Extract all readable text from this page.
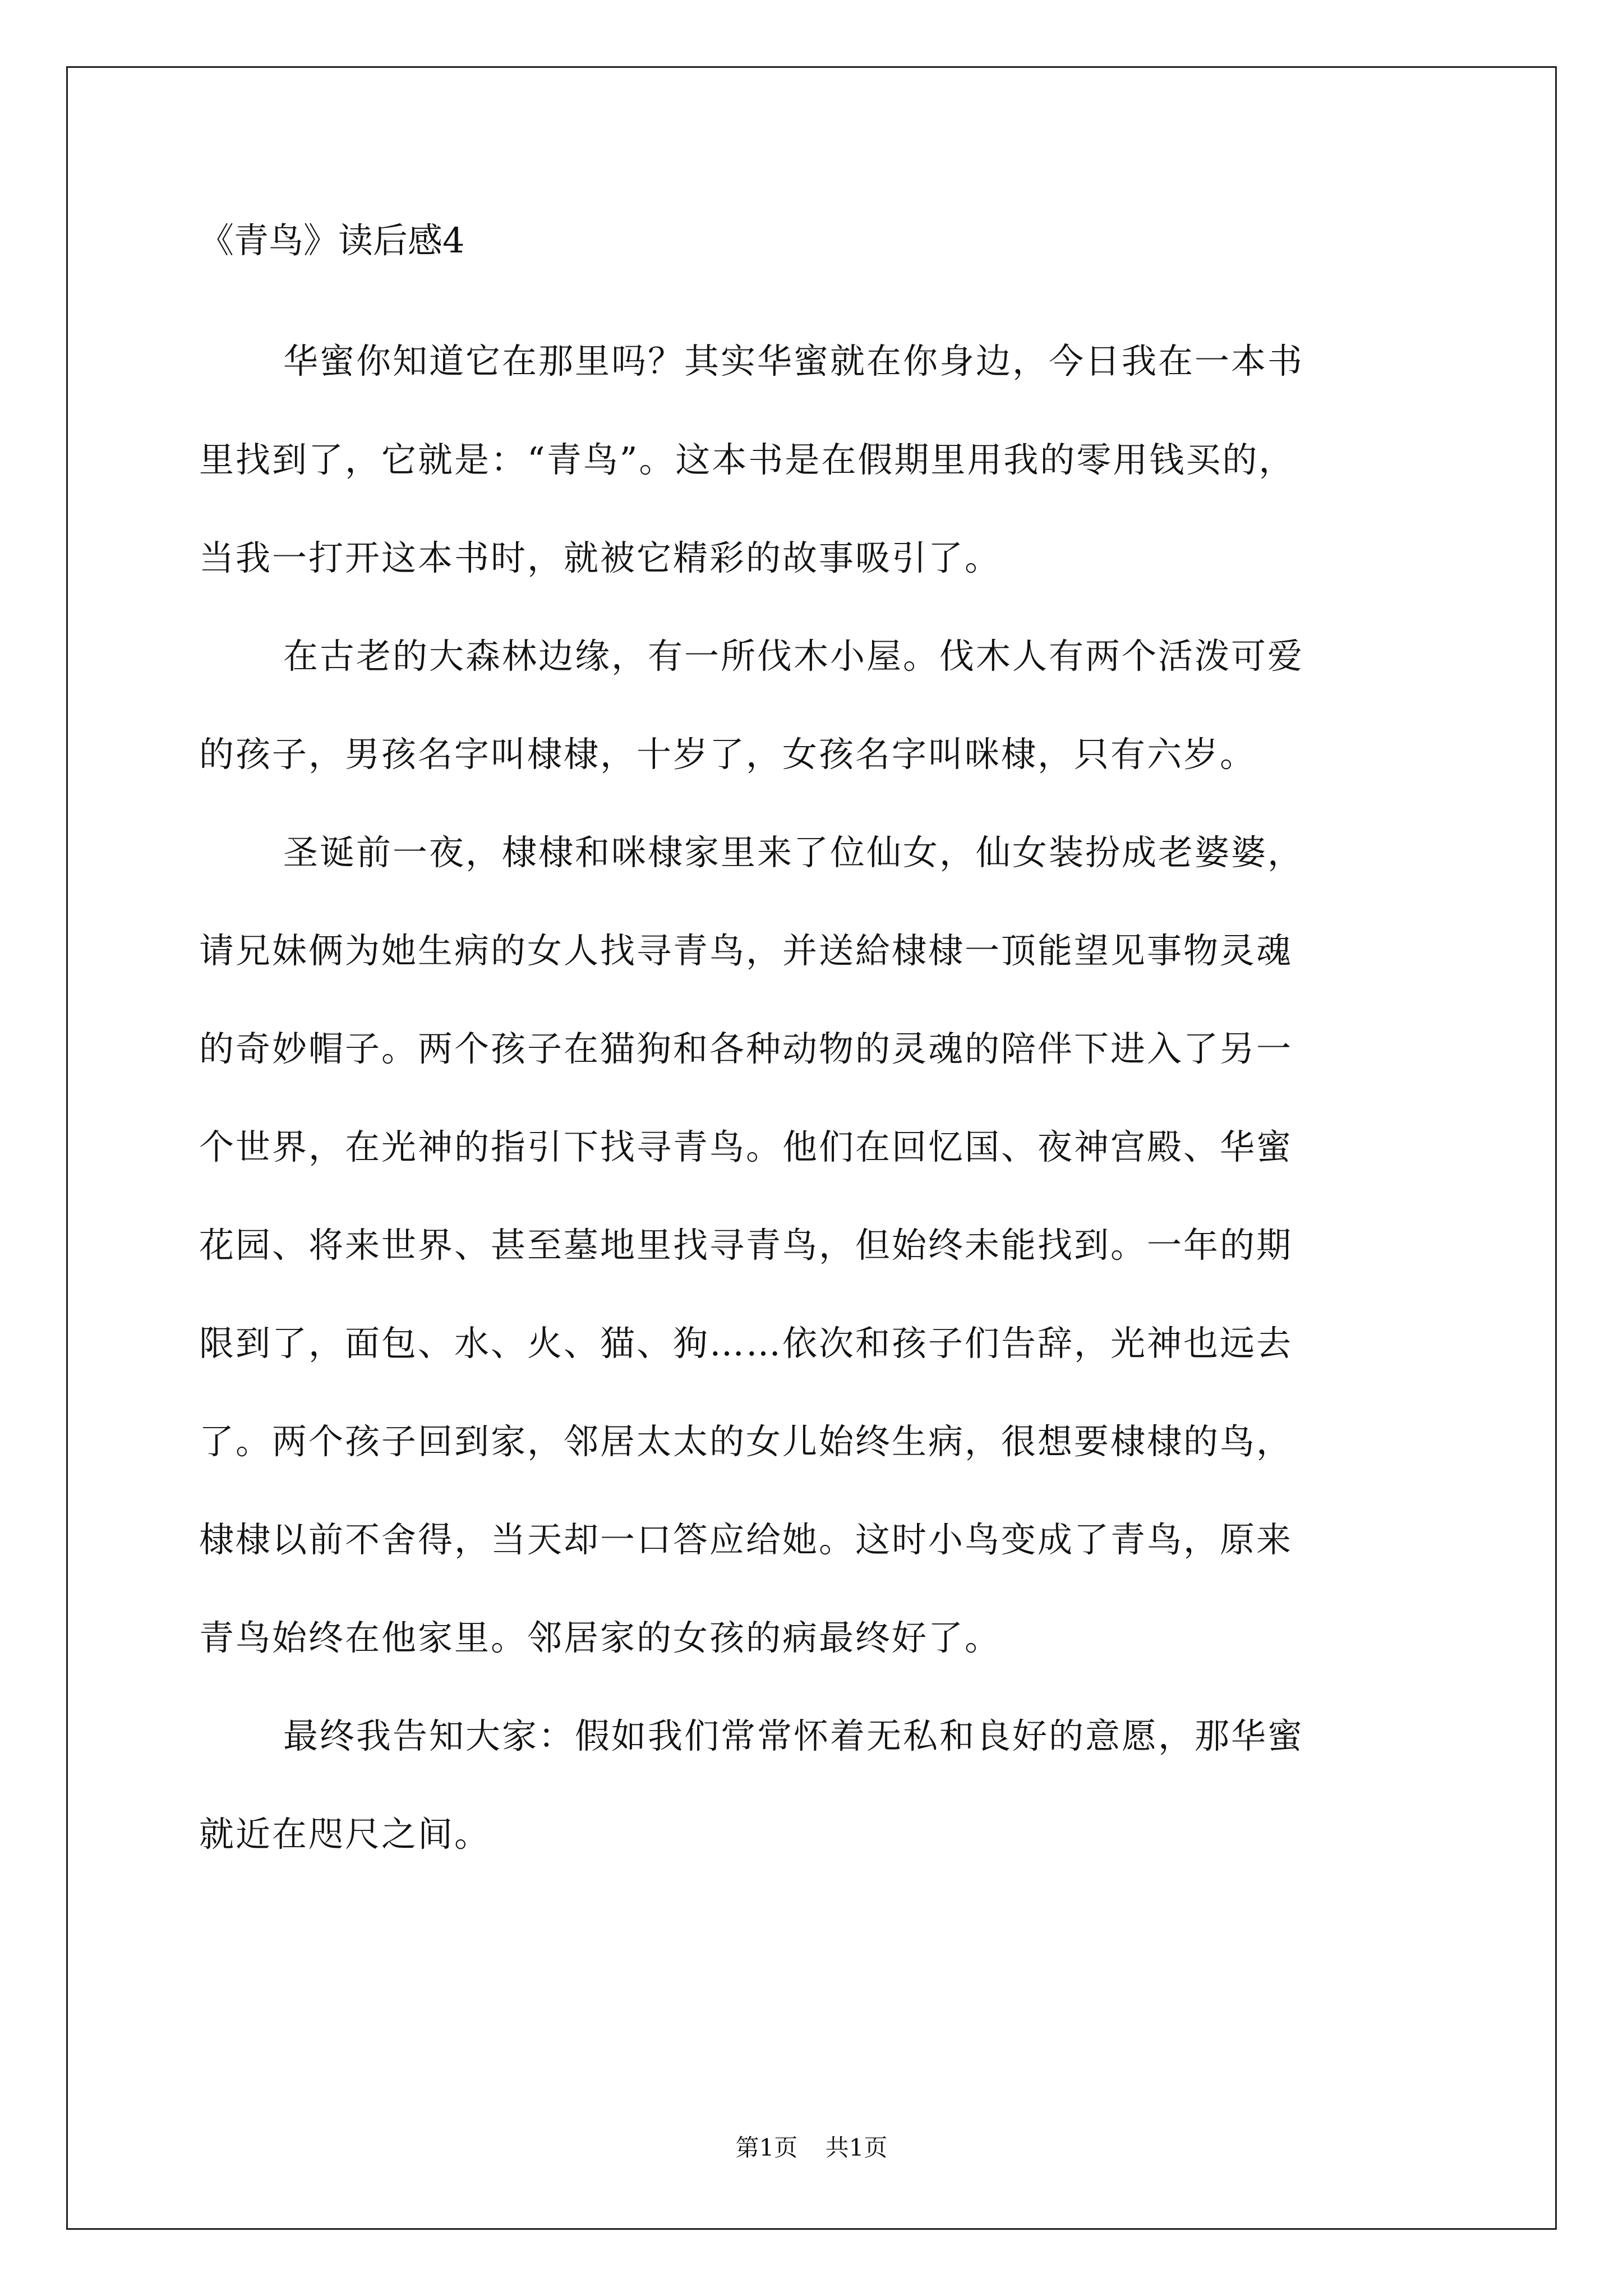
《青鸟》读后感4
华蜜你知道它在那里吗？其实华蜜就在你身边，今日我在一本书
里找到了，它就是：“青鸟”。这本书是在假期里用我的零用钱买的，
当我一打开这本书时，就被它精彩的故事吸引了。
在古老的大森林边缘，有一所伐木小屋。伐木人有两个活泼可爱
的孩子，男孩名字叫棣棣，十岁了，女孩名字叫咪棣，只有六岁。
圣诞前一夜，棣棣和咪棣家里来了位仙女，仙女装扮成老婆婆，
请兄妹俩为她生病的女人找寻青鸟，并送給棣棣一顶能望见事物灵魂
的奇妙帽子。两个孩子在猫狗和各种动物的灵魂的陪伴下进入了另一
个世界，在光神的指引下找寻青鸟。他们在回忆国、夜神宫殿、华蜜
花园、将来世界、甚至墓地里找寻青鸟，但始终未能找到。一年的期
限到了，面包、水、火、猫、狗……依次和孩子们告辞，光神也远去
了。两个孩子回到家，邻居太太的女儿始终生病，很想要棣棣的鸟，
棣棣以前不舍得，当天却一口答应给她。这时小鸟变成了青鸟，原来
青鸟始终在他家里。邻居家的女孩的病最终好了。
最终我告知大家：假如我们常常怀着无私和良好的意愿，那华蜜
就近在咫尺之间。
第1页 共1页
